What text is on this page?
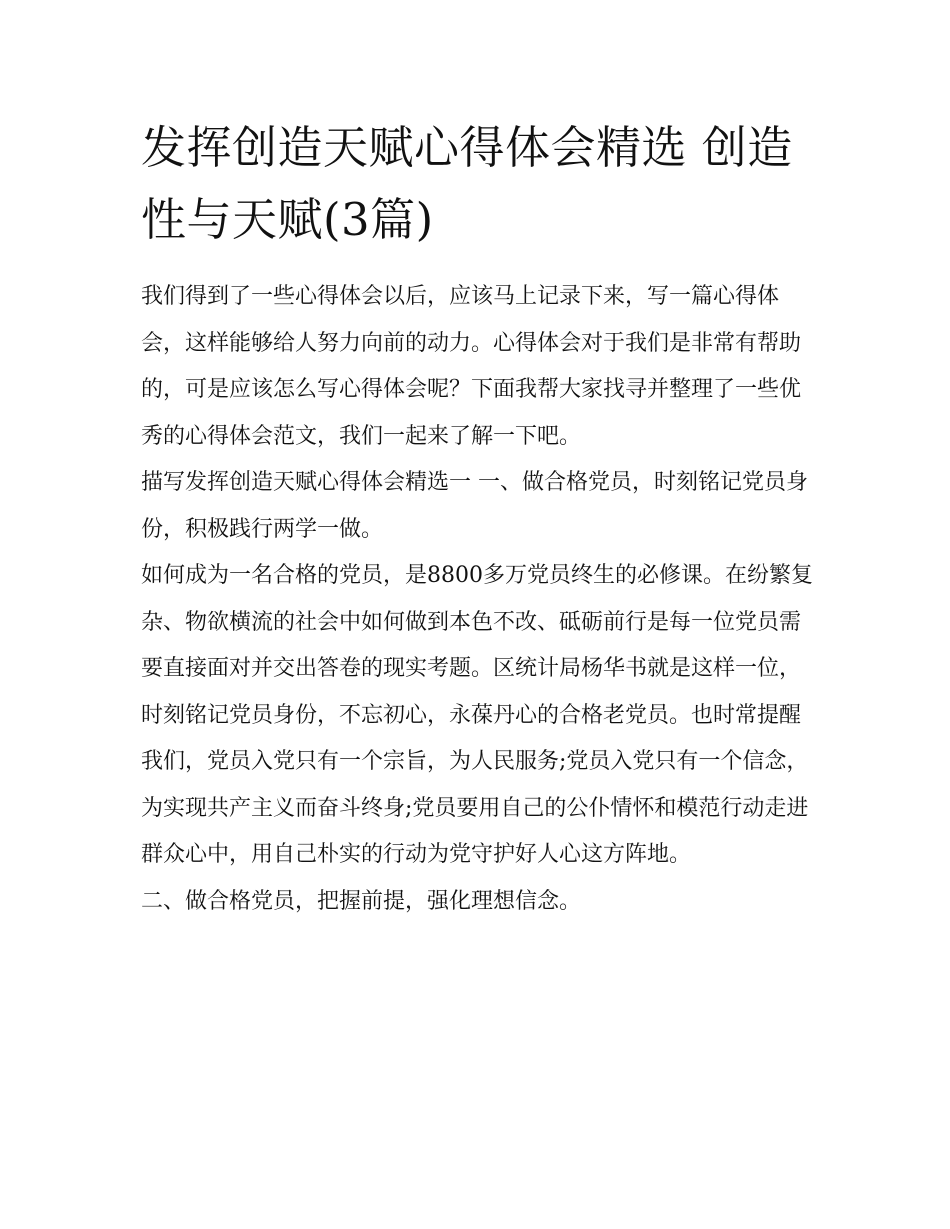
发挥创造天赋心得体会精选 创造性与天赋(3篇)

我们得到了一些心得体会以后，应该马上记录下来，写一篇心得体会，这样能够给人努力向前的动力。心得体会对于我们是非常有帮助的，可是应该怎么写心得体会呢？下面我帮大家找寻并整理了一些优秀的心得体会范文，我们一起来了解一下吧。

描写发挥创造天赋心得体会精选一 一、做合格党员，时刻铭记党员身份，积极践行两学一做。

如何成为一名合格的党员，是8800多万党员终生的必修课。在纷繁复杂、物欲横流的社会中如何做到本色不改、砥砺前行是每一位党员需要直接面对并交出答卷的现实考题。区统计局杨华书就是这样一位，时刻铭记党员身份，不忘初心，永葆丹心的合格老党员。也时常提醒我们，党员入党只有一个宗旨，为人民服务;党员入党只有一个信念，为实现共产主义而奋斗终身;党员要用自己的公仆情怀和模范行动走进群众心中，用自己朴实的行动为党守护好人心这方阵地。

二、做合格党员，把握前提，强化理想信念。
